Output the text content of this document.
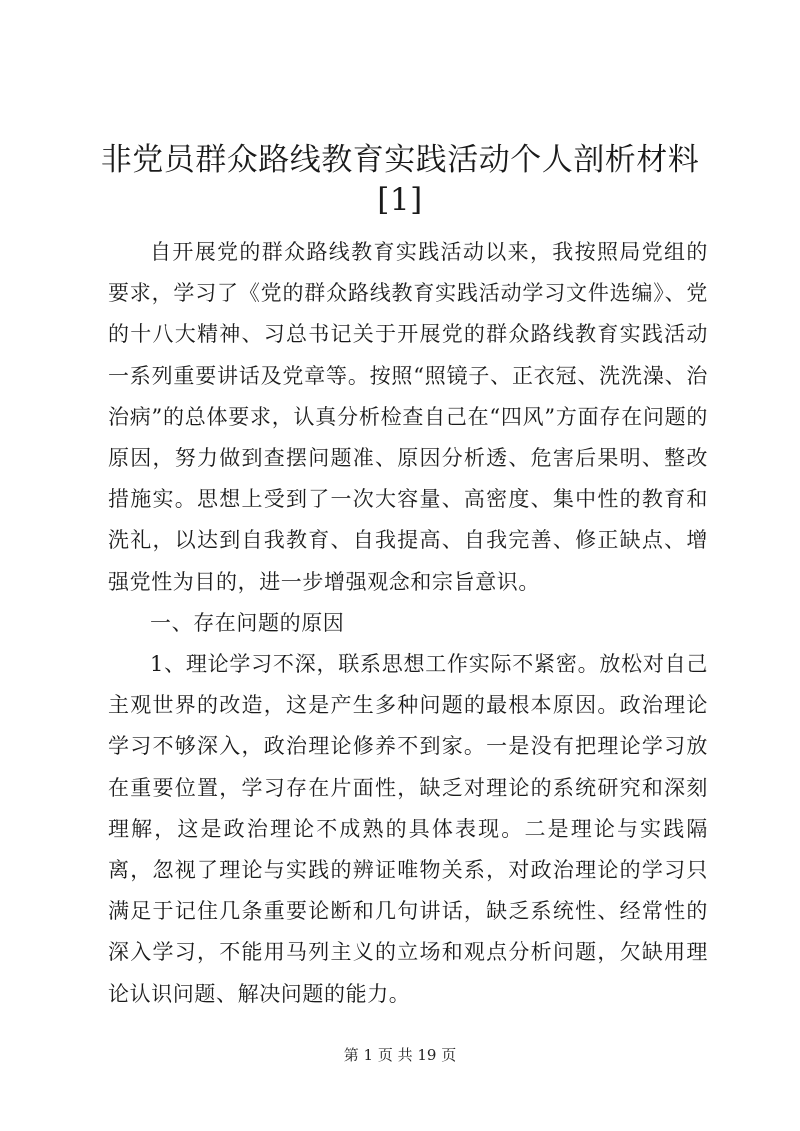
非党员群众路线教育实践活动个人剖析材料
[1]

自开展党的群众路线教育实践活动以来，我按照局党组的要求，学习了《党的群众路线教育实践活动学习文件选编》、党的十八大精神、习总书记关于开展党的群众路线教育实践活动一系列重要讲话及党章等。按照“照镜子、正衣冠、洗洗澡、治治病”的总体要求，认真分析检查自己在“四风”方面存在问题的原因，努力做到查摆问题准、原因分析透、危害后果明、整改措施实。思想上受到了一次大容量、高密度、集中性的教育和洗礼，以达到自我教育、自我提高、自我完善、修正缺点、增强党性为目的，进一步增强观念和宗旨意识。

一、存在问题的原因

1、理论学习不深，联系思想工作实际不紧密。放松对自己主观世界的改造，这是产生多种问题的最根本原因。政治理论学习不够深入，政治理论修养不到家。一是没有把理论学习放在重要位置，学习存在片面性，缺乏对理论的系统研究和深刻理解，这是政治理论不成熟的具体表现。二是理论与实践隔离，忽视了理论与实践的辨证唯物关系，对政治理论的学习只满足于记住几条重要论断和几句讲话，缺乏系统性、经常性的深入学习，不能用马列主义的立场和观点分析问题，欠缺用理论认识问题、解决问题的能力。

第 1 页 共 19 页
